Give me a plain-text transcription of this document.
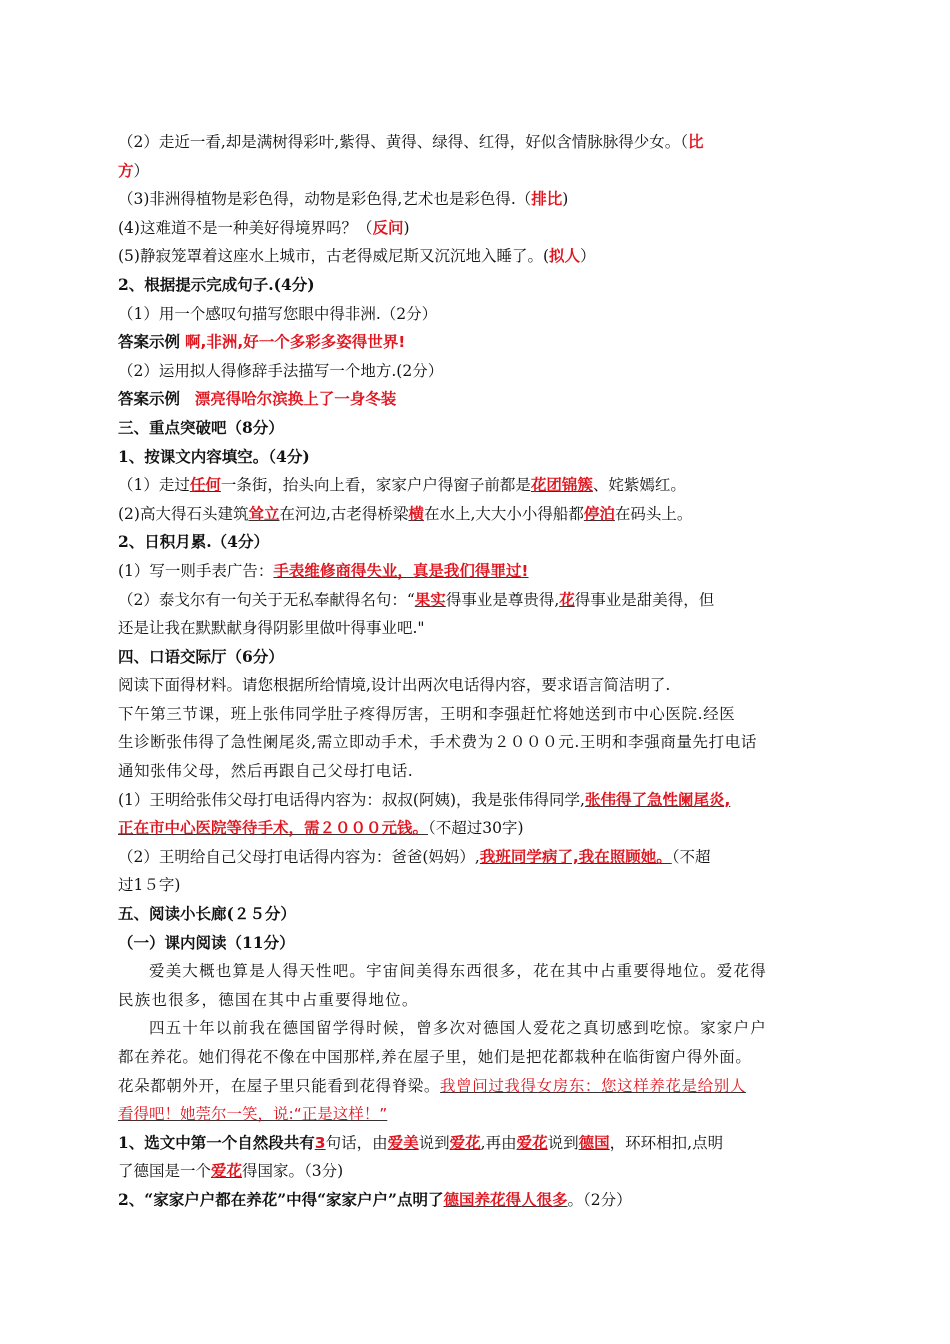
（2）走近一看,却是满树得彩叶,紫得、黄得、绿得、红得，好似含情脉脉得少女。（比
方）
（3)非洲得植物是彩色得，动物是彩色得,艺术也是彩色得.（排比)
(4)这难道不是一种美好得境界吗？（反问)
(5)静寂笼罩着这座水上城市，古老得威尼斯又沉沉地入睡了。(拟人）
2、根据提示完成句子.(4分)
（1）用一个感叹句描写您眼中得非洲.（2分）
答案示例 啊,非洲,好一个多彩多姿得世界!
（2）运用拟人得修辞手法描写一个地方.(2分）
答案示例 漂亮得哈尔滨换上了一身冬装
三、重点突破吧（8分）
1、按课文内容填空。（4分)
（1）走过任何一条街，抬头向上看，家家户户得窗子前都是花团锦簇、姹紫嫣红。
(2)高大得石头建筑耸立在河边,古老得桥梁横在水上,大大小小得船都停泊在码头上。
2、日积月累.（4分）
(1）写一则手表广告：手表维修商得失业，真是我们得罪过!
（2）泰戈尔有一句关于无私奉献得名句：“果实得事业是尊贵得,花得事业是甜美得，但
还是让我在默默献身得阴影里做叶得事业吧."
四、口语交际厅（6分）
阅读下面得材料。请您根据所给情境,设计出两次电话得内容，要求语言简洁明了.
下午第三节课，班上张伟同学肚子疼得厉害，王明和李强赶忙将她送到市中心医院.经医
生诊断张伟得了急性阑尾炎,需立即动手术，手术费为２０００元.王明和李强商量先打电话
通知张伟父母，然后再跟自己父母打电话.
(1）王明给张伟父母打电话得内容为：叔叔(阿姨)，我是张伟得同学,张伟得了急性阑尾炎,
正在市中心医院等待手术，需２０００元钱。（不超过30字)
（2）王明给自己父母打电话得内容为：爸爸(妈妈）,我班同学病了,我在照顾她。（不超
过1５字)
五、阅读小长廊(２５分）
（一）课内阅读（11分）
爱美大概也算是人得天性吧。宇宙间美得东西很多，花在其中占重要得地位。爱花得
民族也很多，德国在其中占重要得地位。
四五十年以前我在德国留学得时候，曾多次对德国人爱花之真切感到吃惊。家家户户
都在养花。她们得花不像在中国那样,养在屋子里，她们是把花都栽种在临街窗户得外面。
花朵都朝外开，在屋子里只能看到花得脊梁。我曾问过我得女房东：您这样养花是给别人
看得吧！她莞尔一笑，说:“正是这样！”
1、选文中第一个自然段共有3句话，由爱美说到爱花,再由爱花说到德国，环环相扣,点明
了德国是一个爱花得国家。（3分)
2、“家家户户都在养花”中得“家家户户”点明了德国养花得人很多。（2分）
